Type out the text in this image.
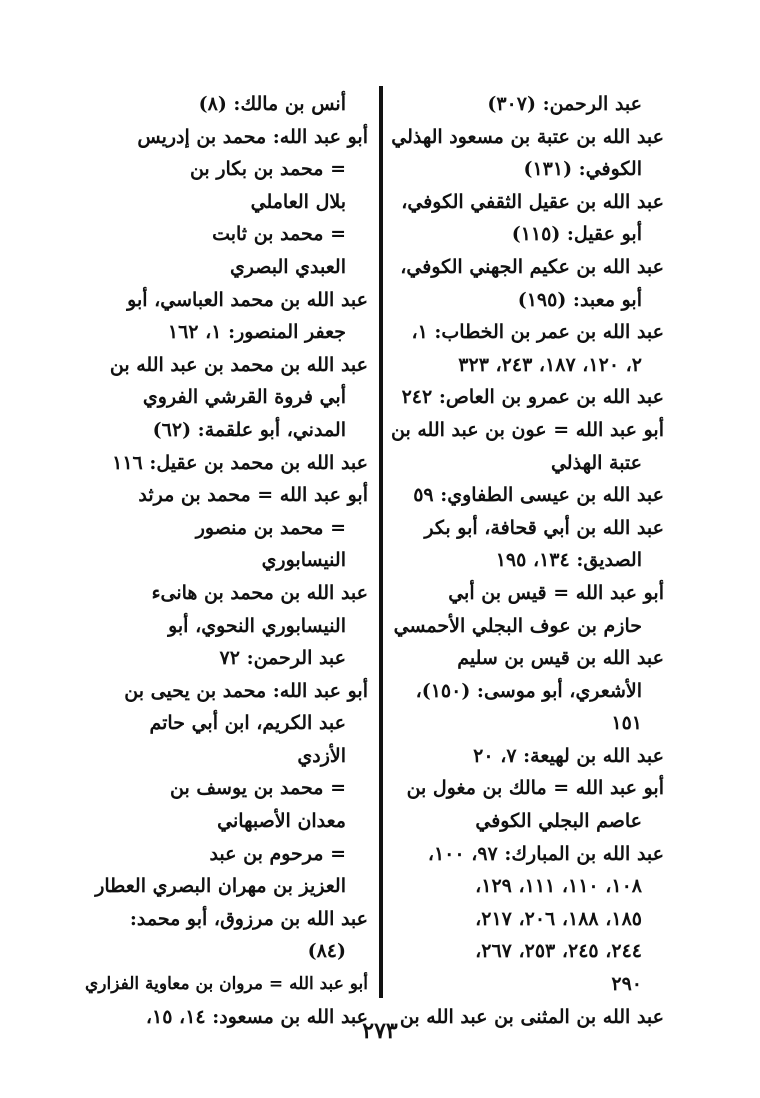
عبد الرحمن: (٣٠٧)
عبد الله بن عتبة بن مسعود الهذلي
الكوفي: (١٣١)
عبد الله بن عقيل الثقفي الكوفي،
أبو عقيل: (١١٥)
عبد الله بن عكيم الجهني الكوفي،
أبو معبد: (١٩٥)
عبد الله بن عمر بن الخطاب: ١،
٢، ١٢٠، ١٨٧، ٢٤٣، ٣٢٣
عبد الله بن عمرو بن العاص: ٢٤٢
أبو عبد الله = عون بن عبد الله بن
عتبة الهذلي
عبد الله بن عيسى الطفاوي: ٥٩
عبد الله بن أبي قحافة، أبو بكر
الصديق: ١٣٤، ١٩٥
أبو عبد الله = قيس بن أبي
حازم بن عوف البجلي الأحمسي
عبد الله بن قيس بن سليم
الأشعري، أبو موسى: (١٥٠)،
١٥١
عبد الله بن لهيعة: ٧، ٢٠
أبو عبد الله = مالك بن مغول بن
عاصم البجلي الكوفي
عبد الله بن المبارك: ٩٧، ١٠٠،
١٠٨، ١١٠، ١١١، ١٢٩،
١٨٥، ١٨٨، ٢٠٦، ٢١٧،
٢٤٤، ٢٤٥، ٢٥٣، ٢٦٧،
٢٩٠
عبد الله بن المثنى بن عبد الله بن
أنس بن مالك: (٨)
أبو عبد الله: محمد بن إدريس
= محمد بن بكار بن
بلال العاملي
= محمد بن ثابت
العبدي البصري
عبد الله بن محمد العباسي، أبو
جعفر المنصور: ١، ١٦٢
عبد الله بن محمد بن عبد الله بن
أبي فروة القرشي الفروي
المدني، أبو علقمة: (٦٢)
عبد الله بن محمد بن عقيل: ١١٦
أبو عبد الله = محمد بن مرثد
= محمد بن منصور
النيسابوري
عبد الله بن محمد بن هانىء
النيسابوري النحوي، أبو
عبد الرحمن: ٧٢
أبو عبد الله: محمد بن يحيى بن
عبد الكريم، ابن أبي حاتم
الأزدي
= محمد بن يوسف بن
معدان الأصبهاني
= مرحوم بن عبد
العزيز بن مهران البصري العطار
عبد الله بن مرزوق، أبو محمد:
(٨٤)
أبو عبد الله = مروان بن معاوية الفزاري
عبد الله بن مسعود: ١٤، ١٥،
٢٧٣
